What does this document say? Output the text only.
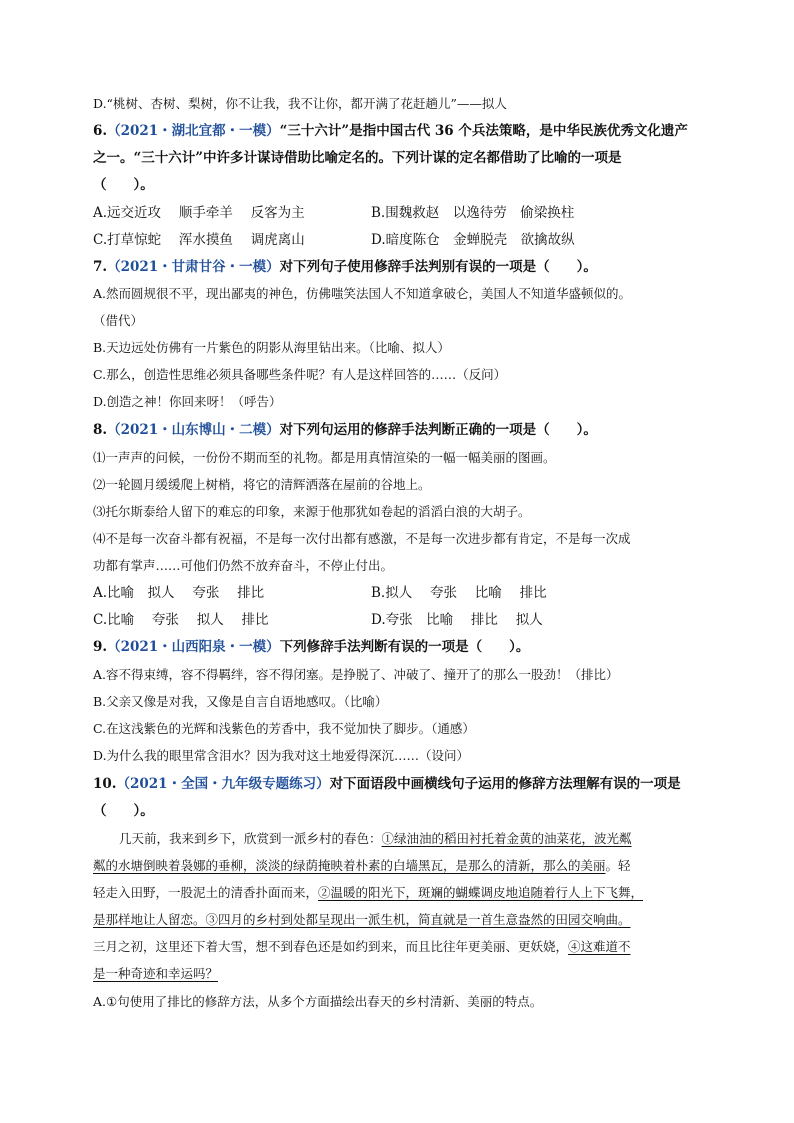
D.“桃树、杏树、梨树，你不让我，我不让你，都开满了花赶趟儿”——拟人
6.（2021・湖北宜都・一模）“三十六计”是指中国古代 36 个兵法策略，是中华民族优秀文化遗产
之一。“三十六计”中许多计谋诗借助比喻定名的。下列计谋的定名都借助了比喻的一项是
（　　）。
A.远交近攻　 顺手牵羊　 反客为主	B.围魏救赵　以逸待劳　偷梁换柱
C.打草惊蛇　 浑水摸鱼　 调虎离山	D.暗度陈仓　金蝉脱壳　欲擒故纵
7.（2021・甘肃甘谷・一模）对下列句子使用修辞手法判别有误的一项是（　　）。
A.然而圆规很不平，现出鄙夷的神色，仿佛嗤笑法国人不知道拿破仑，美国人不知道华盛顿似的。
（借代）
B.天边远处仿佛有一片紫色的阴影从海里钻出来。（比喻、拟人）
C.那么，创造性思维必须具备哪些条件呢？有人是这样回答的……（反问）
D.创造之神！你回来呀！（呼告）
8.（2021・山东博山・二模）对下列句运用的修辞手法判断正确的一项是（　　）。
⑴一声声的问候，一份份不期而至的礼物。都是用真情渲染的一幅一幅美丽的图画。
⑵一轮圆月缓缓爬上树梢，将它的清辉洒落在屋前的谷地上。
⑶托尔斯泰给人留下的难忘的印象，来源于他那犹如卷起的滔滔白浪的大胡子。
⑷不是每一次奋斗都有祝福，不是每一次付出都有感激，不是每一次进步都有肯定，不是每一次成
功都有掌声……可他们仍然不放弃奋斗，不停止付出。
A.比喻　拟人　 夸张　 排比	B.拟人　 夸张　 比喻　 排比
C.比喻　 夸张　 拟人　 排比	D.夸张　比喻　 排比　 拟人
9.（2021・山西阳泉・一模）下列修辞手法判断有误的一项是（　　）。
A.容不得束缚，容不得羁绊，容不得闭塞。是挣脱了、冲破了、撞开了的那么一股劲！（排比）
B.父亲又像是对我，又像是自言自语地感叹。（比喻）
C.在这浅紫色的光辉和浅紫色的芳香中，我不觉加快了脚步。（通感）
D.为什么我的眼里常含泪水？因为我对这土地爱得深沉……（设问）
10.（2021・全国・九年级专题练习）对下面语段中画横线句子运用的修辞方法理解有误的一项是
（　　）。
几天前，我来到乡下，欣赏到一派乡村的春色：①绿油油的稻田衬托着金黄的油菜花，波光粼
粼的水塘倒映着袅娜的垂柳，淡淡的绿荫掩映着朴素的白墙黑瓦，是那么的清新，那么的美丽。轻
轻走入田野，一股泥土的清香扑面而来，②温暖的阳光下，斑斓的蝴蝶调皮地追随着行人上下飞舞，
是那样地让人留恋。③四月的乡村到处都呈现出一派生机，简直就是一首生意盎然的田园交响曲。
三月之初，这里还下着大雪，想不到春色还是如约到来，而且比往年更美丽、更妖娆，④这难道不
是一种奇迹和幸运吗？
A.①句使用了排比的修辞方法，从多个方面描绘出春天的乡村清新、美丽的特点。
